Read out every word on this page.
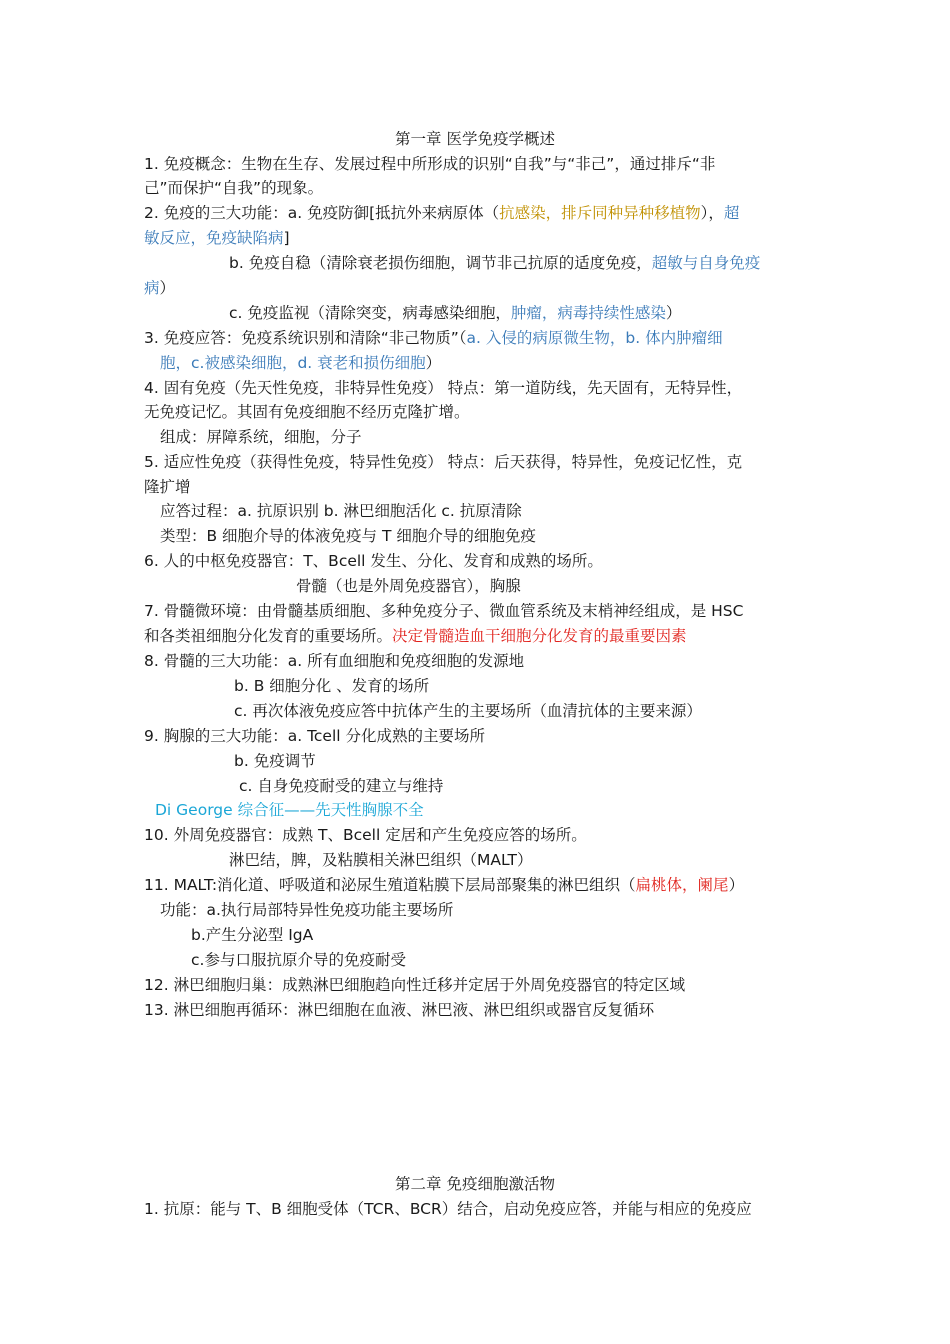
第一章 医学免疫学概述
1. 免疫概念：生物在生存、发展过程中所形成的识别“自我”与“非己”，通过排斥“非
己”而保护“自我”的现象。
2. 免疫的三大功能：a. 免疫防御[抵抗外来病原体（抗感染，排斥同种异种移植物），超
敏反应，免疫缺陷病]
b. 免疫自稳（清除衰老损伤细胞，调节非己抗原的适度免疫，超敏与自身免疫
病）
c. 免疫监视（清除突变，病毒感染细胞，肿瘤，病毒持续性感染）
3. 免疫应答：免疫系统识别和清除“非己物质”（a. 入侵的病原微生物，b. 体内肿瘤细
胞，c.被感染细胞，d. 衰老和损伤细胞）
4. 固有免疫（先天性免疫，非特异性免疫） 特点：第一道防线，先天固有，无特异性，
无免疫记忆。其固有免疫细胞不经历克隆扩增。
组成：屏障系统，细胞，分子
5. 适应性免疫（获得性免疫，特异性免疫） 特点：后天获得，特异性，免疫记忆性，克
隆扩增
应答过程：a. 抗原识别 b. 淋巴细胞活化 c. 抗原清除
类型：B 细胞介导的体液免疫与 T 细胞介导的细胞免疫
6. 人的中枢免疫器官：T、Bcell 发生、分化、发育和成熟的场所。
骨髓（也是外周免疫器官），胸腺
7. 骨髓微环境：由骨髓基质细胞、多种免疫分子、微血管系统及末梢神经组成，是 HSC
和各类祖细胞分化发育的重要场所。决定骨髓造血干细胞分化发育的最重要因素
8. 骨髓的三大功能：a. 所有血细胞和免疫细胞的发源地
b. B 细胞分化 、发育的场所
c. 再次体液免疫应答中抗体产生的主要场所（血清抗体的主要来源）
9. 胸腺的三大功能：a. Tcell 分化成熟的主要场所
b. 免疫调节
c. 自身免疫耐受的建立与维持
Di George 综合征——先天性胸腺不全
10. 外周免疫器官：成熟 T、Bcell 定居和产生免疫应答的场所。
淋巴结，脾，及粘膜相关淋巴组织（MALT）
11. MALT:消化道、呼吸道和泌尿生殖道粘膜下层局部聚集的淋巴组织（扁桃体，阑尾）
功能：a.执行局部特异性免疫功能主要场所
b.产生分泌型 IgA
c.参与口服抗原介导的免疫耐受
12. 淋巴细胞归巢：成熟淋巴细胞趋向性迁移并定居于外周免疫器官的特定区域
13. 淋巴细胞再循环：淋巴细胞在血液、淋巴液、淋巴组织或器官反复循环
第二章 免疫细胞激活物
1. 抗原：能与 T、B 细胞受体（TCR、BCR）结合，启动免疫应答，并能与相应的免疫应
